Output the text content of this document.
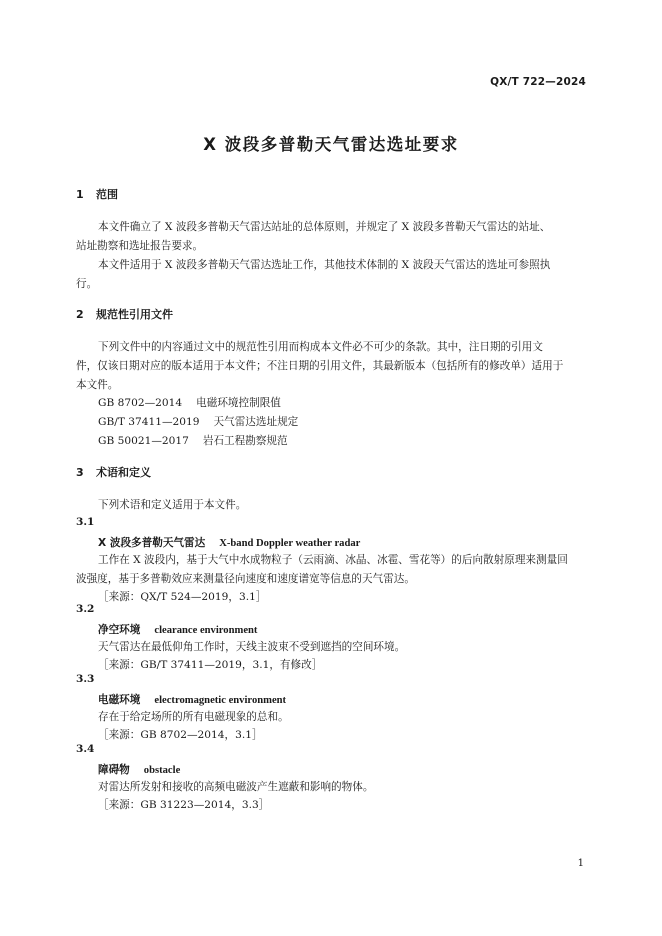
QX/T 722—2024
X 波段多普勒天气雷达选址要求
1 范围
本文件确立了 X 波段多普勒天气雷达站址的总体原则，并规定了 X 波段多普勒天气雷达的站址、
站址勘察和选址报告要求。
本文件适用于 X 波段多普勒天气雷达选址工作，其他技术体制的 X 波段天气雷达的选址可参照执
行。
2 规范性引用文件
下列文件中的内容通过文中的规范性引用而构成本文件必不可少的条款。其中，注日期的引用文
件，仅该日期对应的版本适用于本文件；不注日期的引用文件，其最新版本（包括所有的修改单）适用于
本文件。
GB 8702—2014 电磁环境控制限值
GB/T 37411—2019 天气雷达选址规定
GB 50021—2017 岩石工程勘察规范
3 术语和定义
下列术语和定义适用于本文件。
3.1
X 波段多普勒天气雷达 X-band Doppler weather radar
工作在 X 波段内，基于大气中水成物粒子（云雨滴、冰晶、冰雹、雪花等）的后向散射原理来测量回
波强度，基于多普勒效应来测量径向速度和速度谱宽等信息的天气雷达。
［来源：QX/T 524—2019，3.1］
3.2
净空环境 clearance environment
天气雷达在最低仰角工作时，天线主波束不受到遮挡的空间环境。
［来源：GB/T 37411—2019，3.1，有修改］
3.3
电磁环境 electromagnetic environment
存在于给定场所的所有电磁现象的总和。
［来源：GB 8702—2014，3.1］
3.4
障碍物 obstacle
对雷达所发射和接收的高频电磁波产生遮蔽和影响的物体。
［来源：GB 31223—2014，3.3］
1
